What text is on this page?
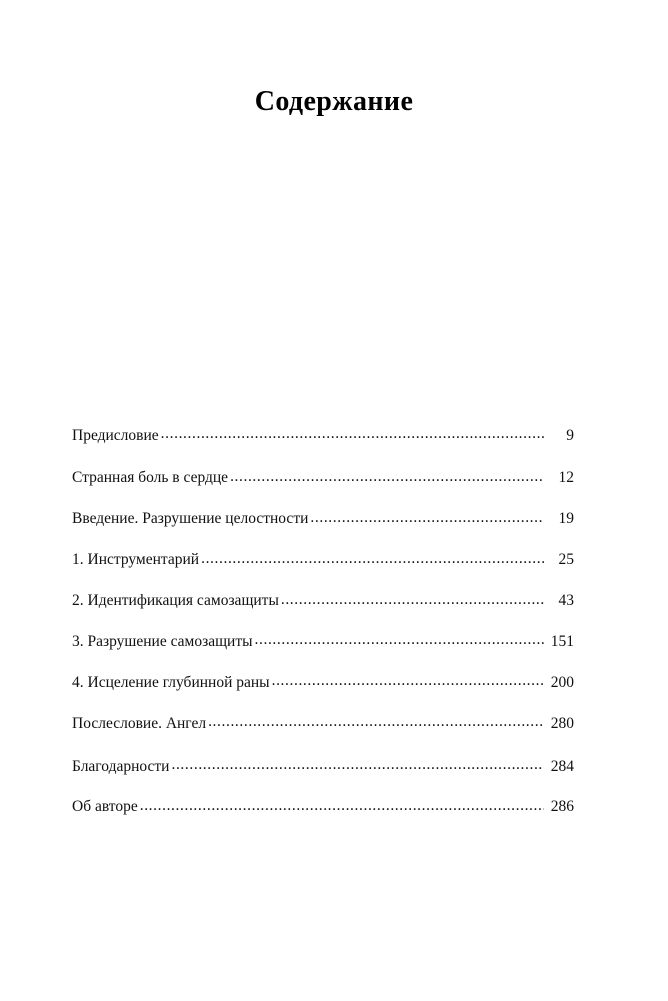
Содержание
Предисловие .....	9
Странная боль в сердце .....	12
Введение. Разрушение целостности .....	19
1. Инструментарий .....	25
2. Идентификация самозащиты .....	43
3. Разрушение самозащиты .....	151
4. Исцеление глубинной раны .....	200
Послесловие. Ангел .....	280
Благодарности .....	284
Об авторе .....	286
